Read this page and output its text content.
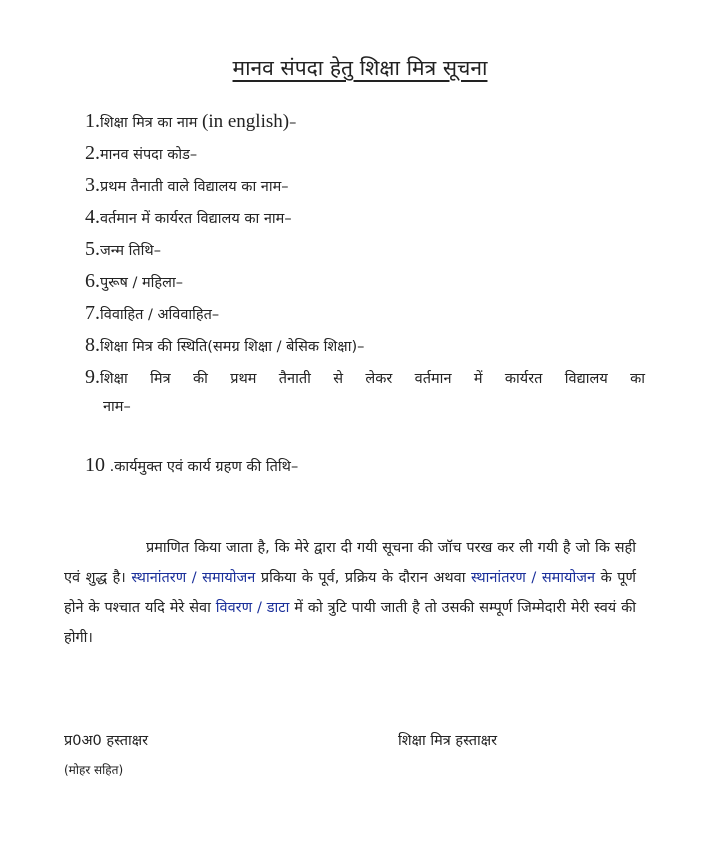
मानव संपदा हेतु शिक्षा मित्र सूचना
1.शिक्षा मित्र का नाम (in english)–
2.मानव संपदा कोड–
3.प्रथम तैनाती वाले विद्यालय का नाम–
4.वर्तमान में कार्यरत विद्यालय का नाम–
5.जन्म तिथि–
6.पुरूष / महिला–
7.विवाहित / अविवाहित–
8.शिक्षा मित्र की स्थिति(समग्र शिक्षा / बेसिक शिक्षा)–
9.शिक्षा मित्र की प्रथम तैनाती से लेकर वर्तमान में कार्यरत विद्यालय का
नाम–
10 .कार्यमुक्त एवं कार्य ग्रहण की तिथि–
प्रमाणित किया जाता है, कि मेरे द्वारा दी गयी सूचना की जॉच परख कर ली गयी है जो कि सही एवं शुद्ध है। स्थानांतरण / समायोजन प्रकिया के पूर्व, प्रक्रिय के दौरान अथवा स्थानांतरण / समायोजन के पूर्ण होने के पश्चात यदि मेरे सेवा विवरण / डाटा में को त्रुटि पायी जाती है तो उसकी सम्पूर्ण जिम्मेदारी मेरी स्वयं की होगी।
प्र0अ0 हस्ताक्षर
(मोहर सहित)
शिक्षा मित्र हस्ताक्षर
